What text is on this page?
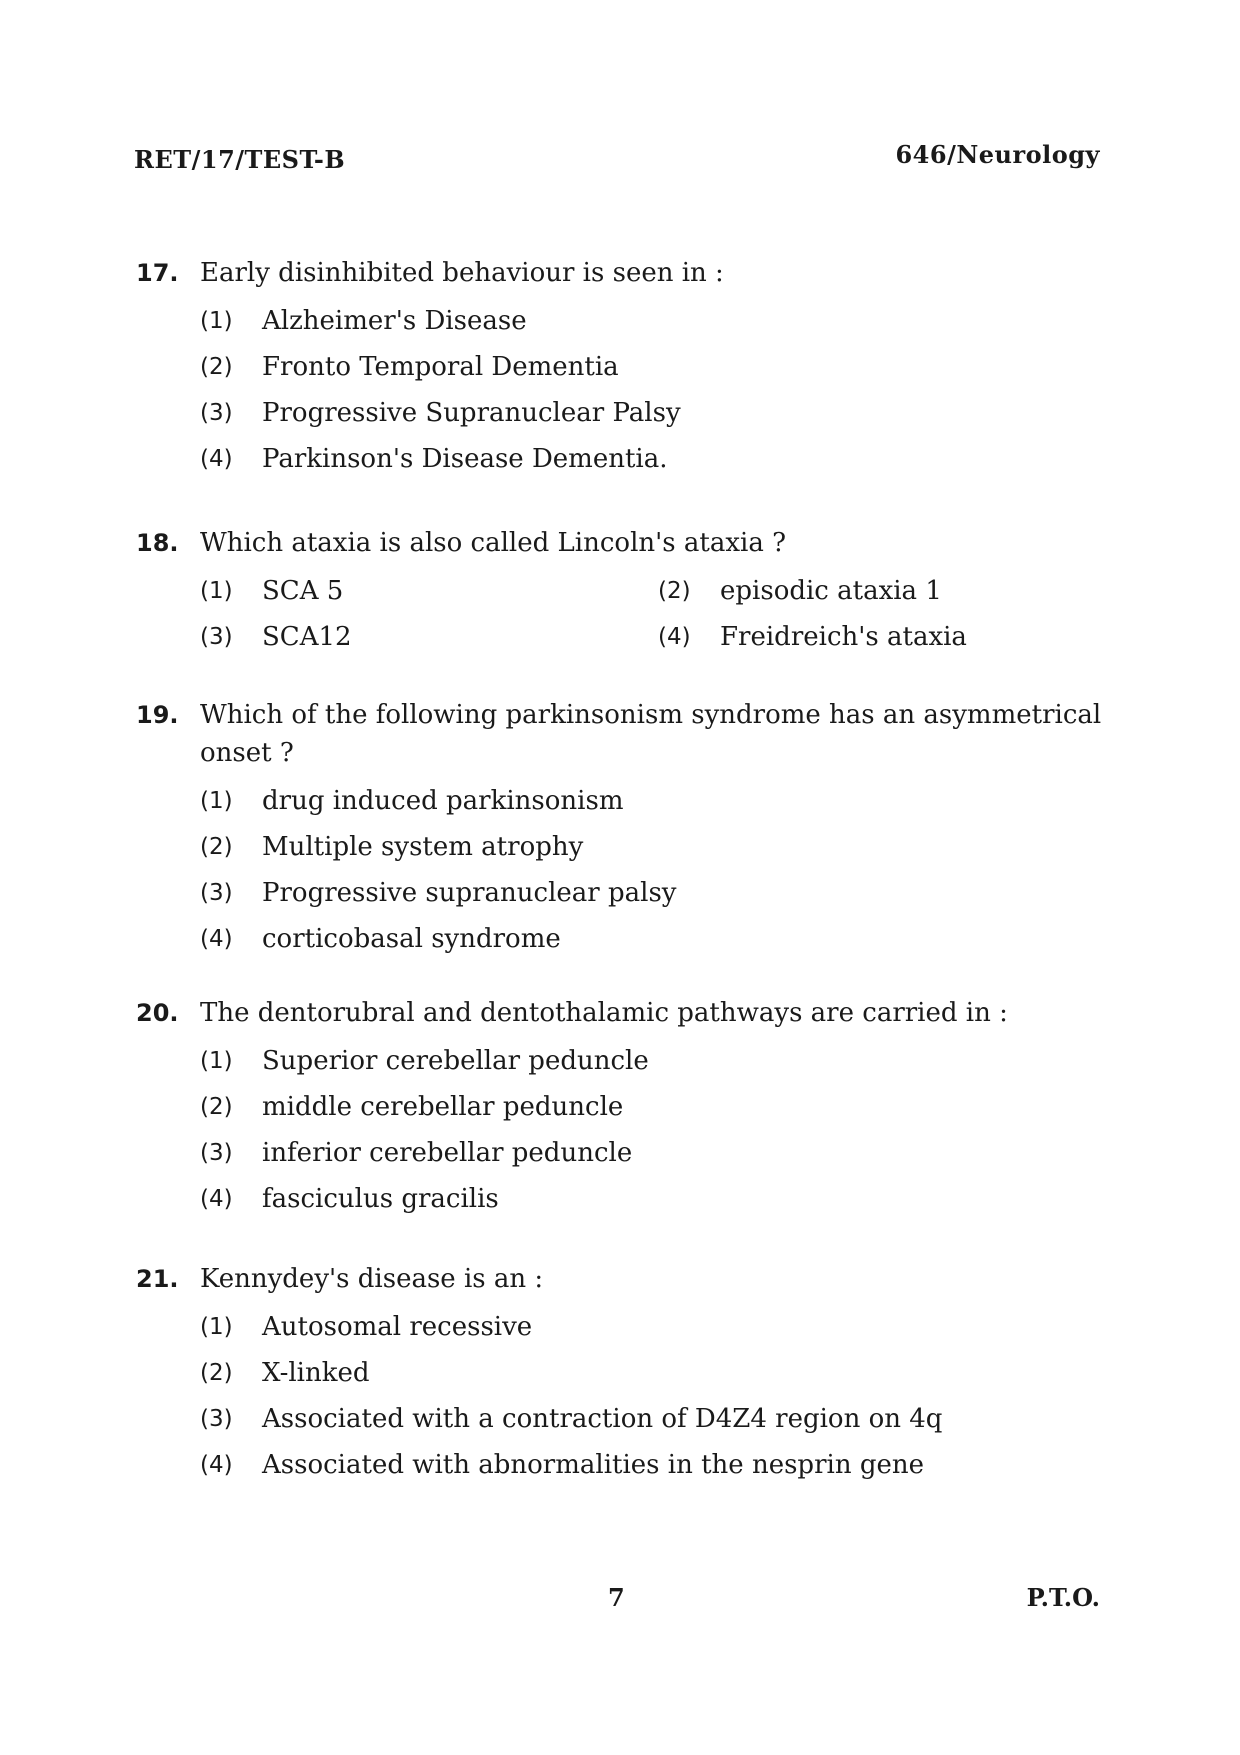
RET/17/TEST-B	646/Neurology
17. Early disinhibited behaviour is seen in :
(1)	Alzheimer's Disease
(2)	Fronto Temporal Dementia
(3)	Progressive Supranuclear Palsy
(4)	Parkinson's Disease Dementia.
18. Which ataxia is also called Lincoln's ataxia ?
(1)	SCA 5	(2)	episodic ataxia 1
(3)	SCA12	(4)	Freidreich's ataxia
19. Which of the following parkinsonism syndrome has an asymmetrical onset ?
(1)	drug induced parkinsonism
(2)	Multiple system atrophy
(3)	Progressive supranuclear palsy
(4)	corticobasal syndrome
20. The dentorubral and dentothalamic pathways are carried in :
(1)	Superior cerebellar peduncle
(2)	middle cerebellar peduncle
(3)	inferior cerebellar peduncle
(4)	fasciculus gracilis
21. Kennydey's disease is an :
(1)	Autosomal recessive
(2)	X-linked
(3)	Associated with a contraction of D4Z4 region on 4q
(4)	Associated with abnormalities in the nesprin gene
7	P.T.O.
